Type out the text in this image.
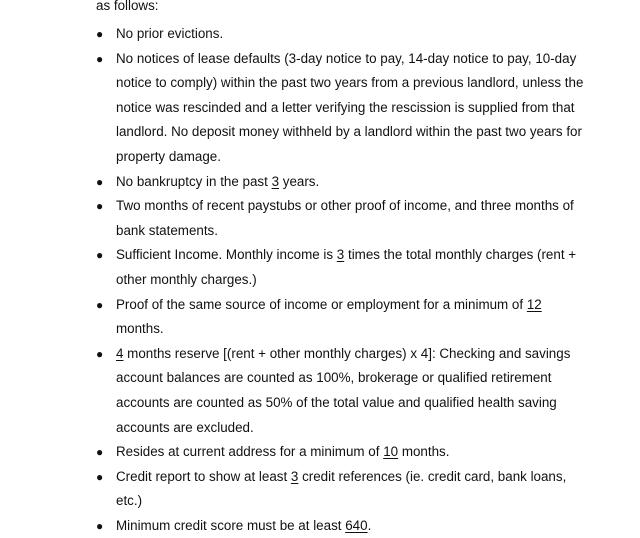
as follows:
● No prior evictions.
● No notices of lease defaults (3-day notice to pay, 14-day notice to pay, 10-day notice to comply) within the past two years from a previous landlord, unless the notice was rescinded and a letter verifying the rescission is supplied from that landlord. No deposit money withheld by a landlord within the past two years for property damage.
● No bankruptcy in the past 3 years.
● Two months of recent paystubs or other proof of income, and three months of bank statements.
● Sufficient Income. Monthly income is 3 times the total monthly charges (rent + other monthly charges.)
● Proof of the same source of income or employment for a minimum of 12 months.
● 4 months reserve [(rent + other monthly charges) x 4]: Checking and savings account balances are counted as 100%, brokerage or qualified retirement accounts are counted as 50% of the total value and qualified health saving accounts are excluded.
● Resides at current address for a minimum of 10 months.
● Credit report to show at least 3 credit references (ie. credit card, bank loans, etc.)
● Minimum credit score must be at least 640.
